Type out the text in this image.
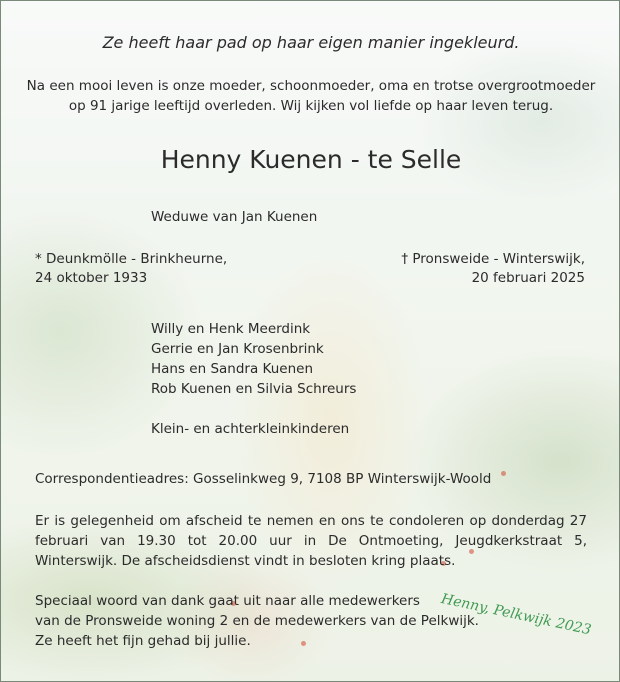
Ze heeft haar pad op haar eigen manier ingekleurd.
Na een mooi leven is onze moeder, schoonmoeder, oma en trotse overgrootmoeder op 91 jarige leeftijd overleden. Wij kijken vol liefde op haar leven terug.
Henny Kuenen - te Selle
Weduwe van Jan Kuenen
* Deunkmölle - Brinkheurne,
24 oktober 1933
† Pronsweide - Winterswijk,
20 februari 2025
Willy en Henk Meerdink
Gerrie en Jan Krosenbrink
Hans en Sandra Kuenen
Rob Kuenen en Silvia Schreurs
Klein- en achterkleinkinderen
Correspondentieadres: Gosselinkweg 9, 7108 BP Winterswijk-Woold
Er is gelegenheid om afscheid te nemen en ons te condoleren op donderdag 27 februari van 19.30 tot 20.00 uur in De Ontmoeting, Jeugdkerkstraat 5, Winterswijk. De afscheidsdienst vindt in besloten kring plaats.
Speciaal woord van dank gaat uit naar alle medewerkers
van de Pronsweide woning 2 en de medewerkers van de Pelkwijk.
Ze heeft het fijn gehad bij jullie.
Henny, Pelkwijk 2023
